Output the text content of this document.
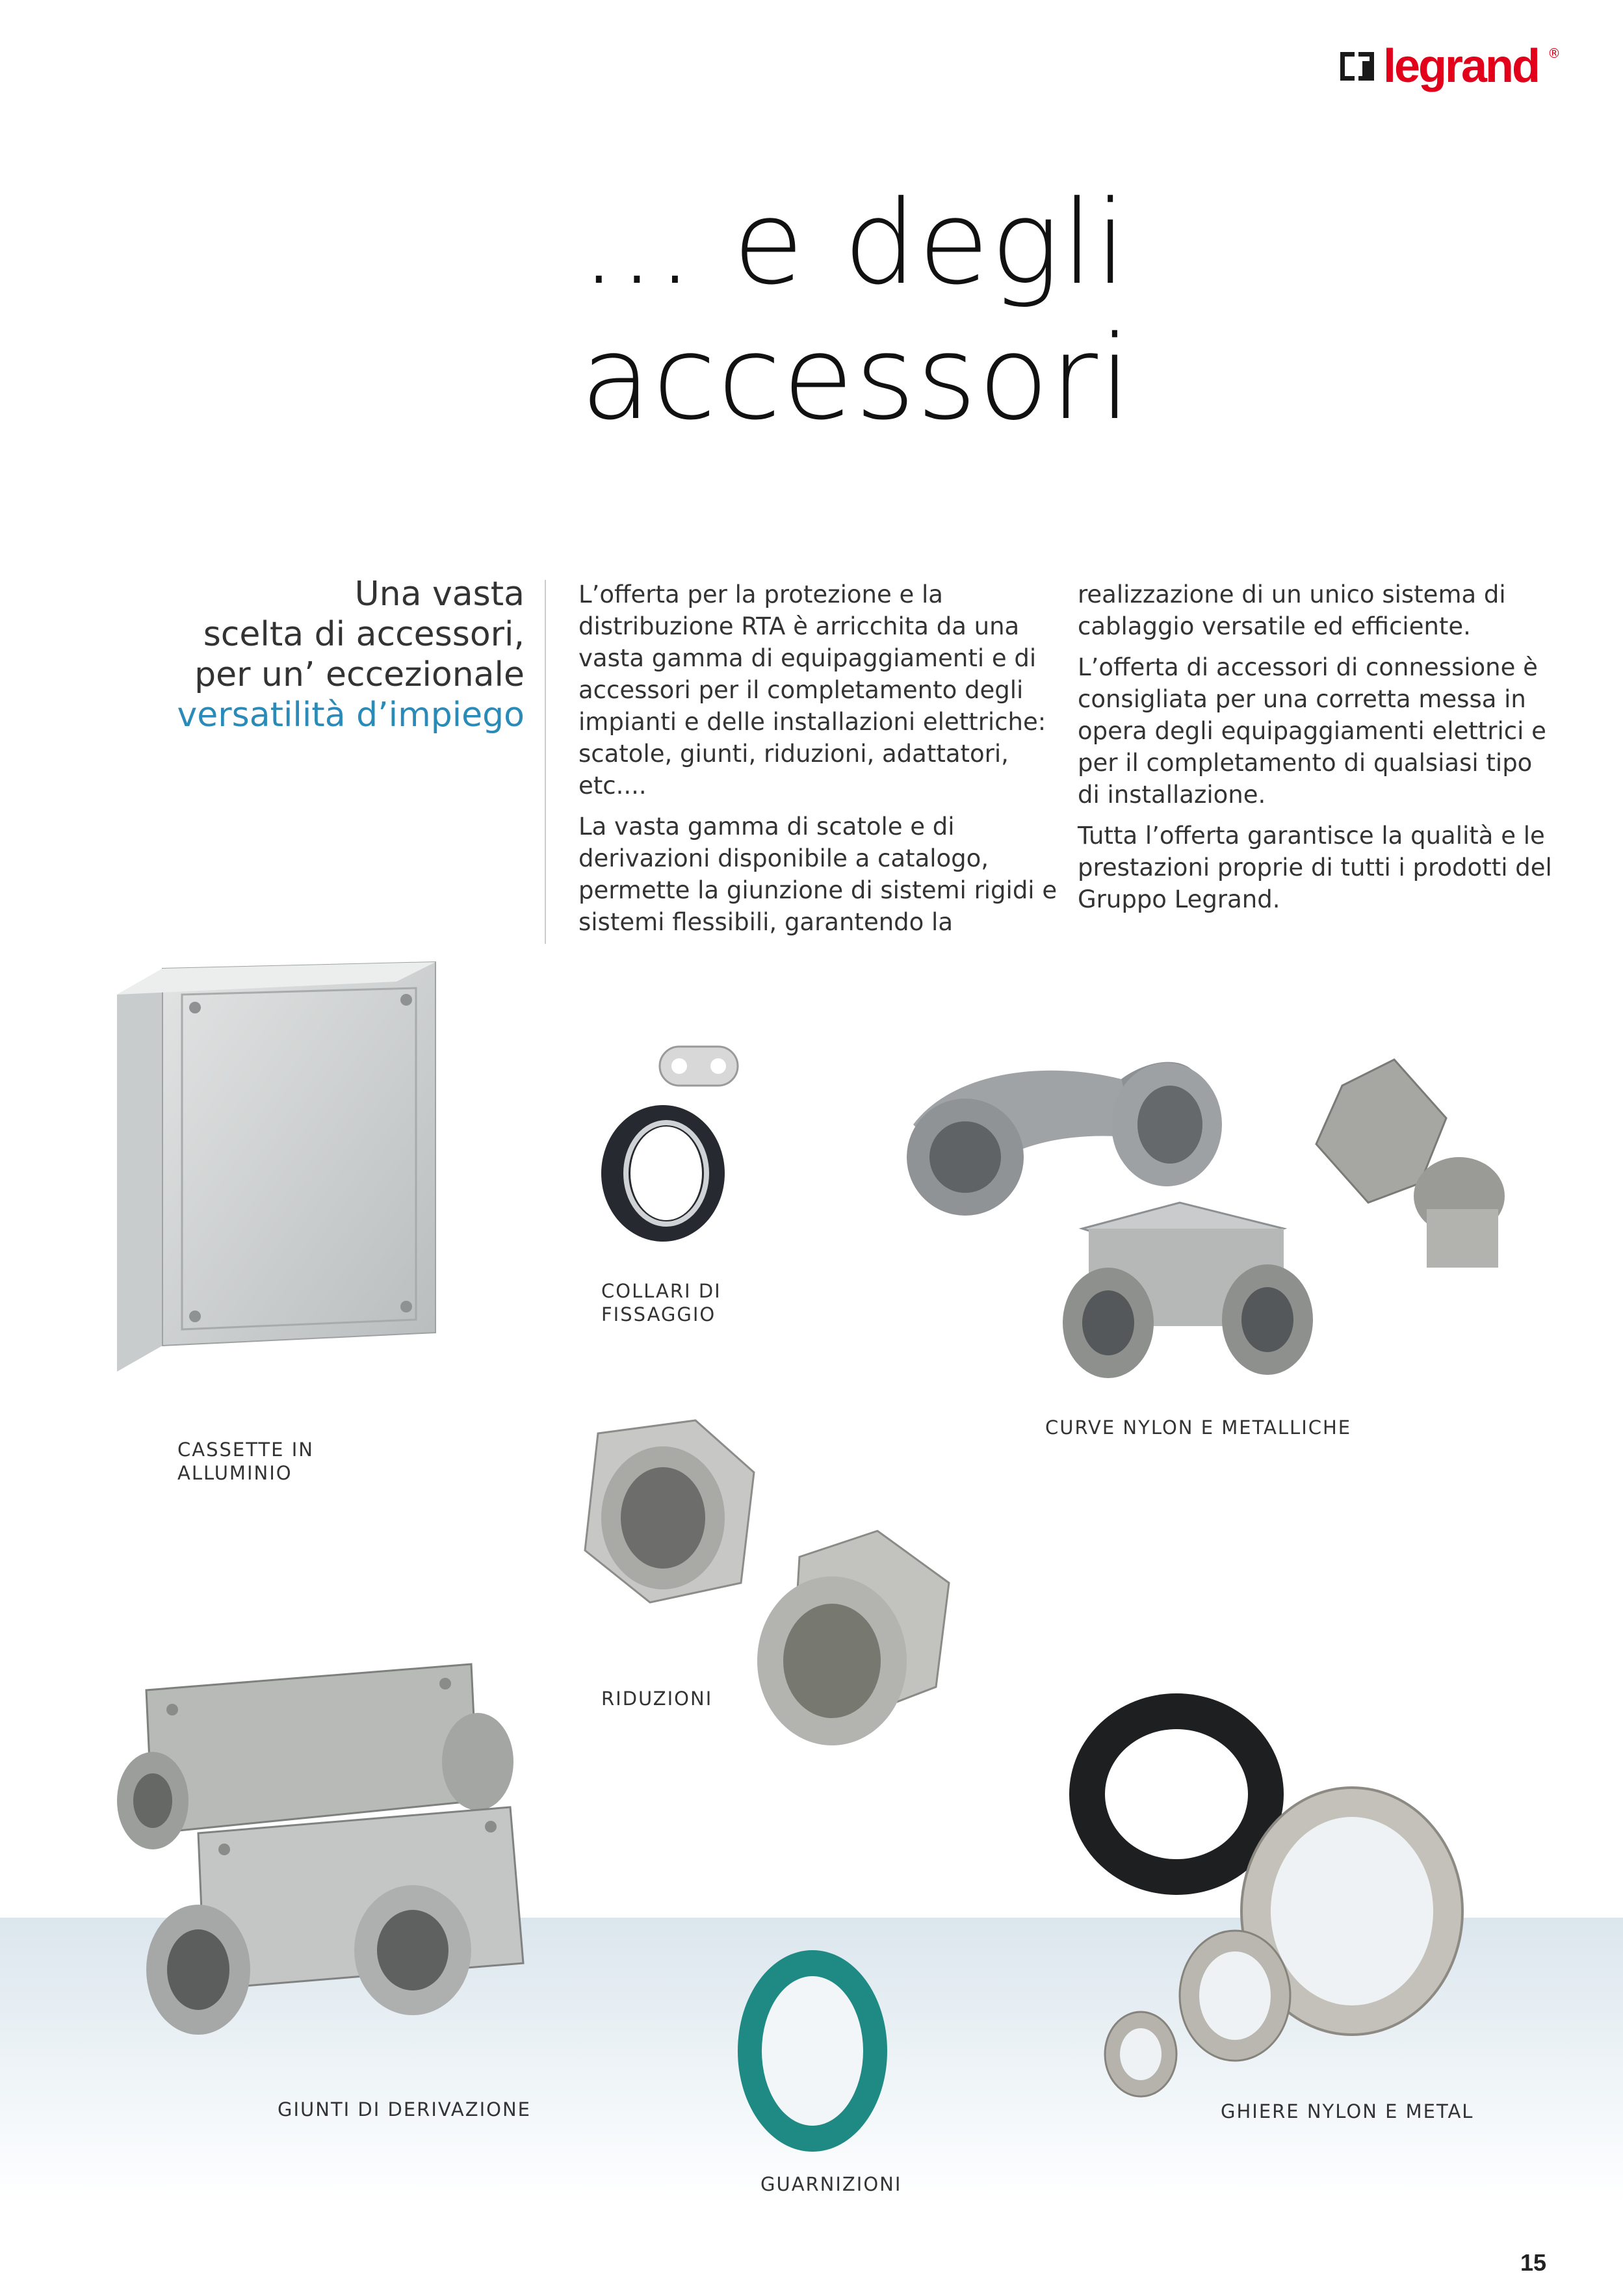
legrand ®
... e degli
accessori
Una vasta
scelta di accessori,
per un’ eccezionale
versatilità d’impiego

L’offerta per la protezione e la distribuzione RTA è arricchita da una vasta gamma di equipaggiamenti e di accessori per il completamento degli impianti e delle installazioni elettriche: scatole, giunti, riduzioni, adattatori, etc....

La vasta gamma di scatole e di derivazioni disponibile a catalogo, permette la giunzione di sistemi rigidi e sistemi flessibili, garantendo la

realizzazione di un unico sistema di cablaggio versatile ed efficiente.

L’offerta di accessori di connessione è consigliata per una corretta messa in opera degli equipaggiamenti elettrici e per il completamento di qualsiasi tipo di installazione.

Tutta l’offerta garantisce la qualità e le prestazioni proprie di tutti i prodotti del Gruppo Legrand.

CASSETTE IN
ALLUMINIO
COLLARI DI
FISSAGGIO
CURVE NYLON E METALLICHE
RIDUZIONI
GIUNTI DI DERIVAZIONE
GUARNIZIONI
GHIERE NYLON E METAL
15
